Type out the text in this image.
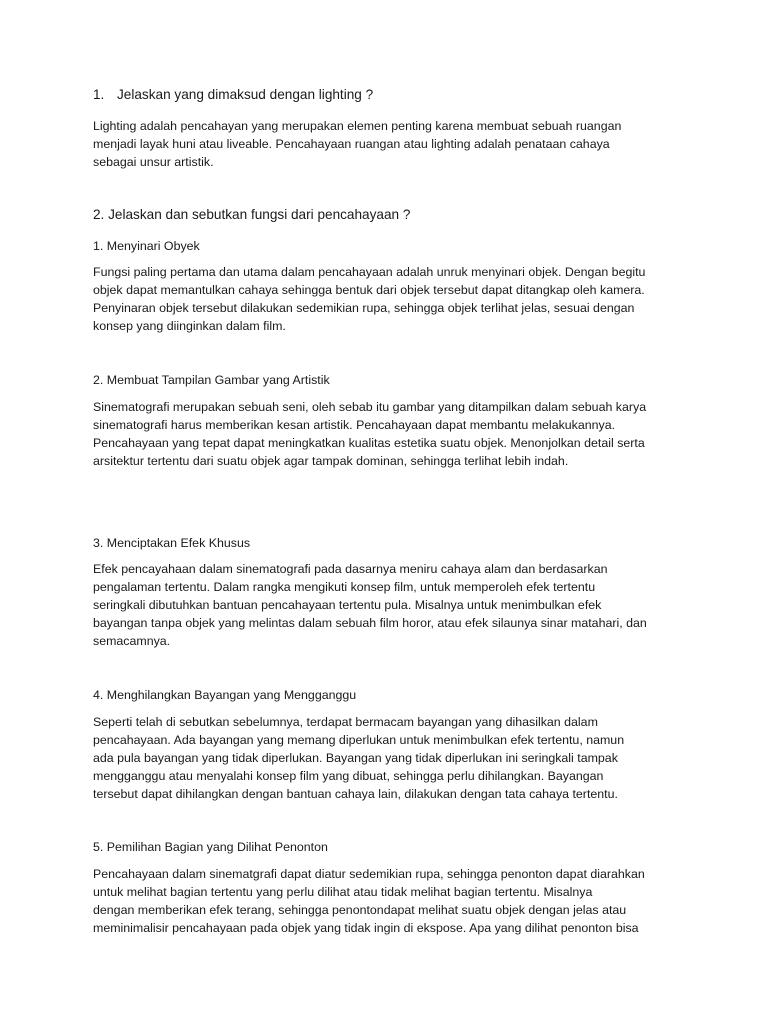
1. Jelaskan yang dimaksud dengan lighting ?

Lighting adalah pencahayan yang merupakan elemen penting karena membuat sebuah ruangan
menjadi layak huni atau liveable. Pencahayaan ruangan atau lighting adalah penataan cahaya
sebagai unsur artistik.

2. Jelaskan dan sebutkan fungsi dari pencahayaan ?

1. Menyinari Obyek

Fungsi paling pertama dan utama dalam pencahayaan adalah unruk menyinari objek. Dengan begitu
objek dapat memantulkan cahaya sehingga bentuk dari objek tersebut dapat ditangkap oleh kamera.
Penyinaran objek tersebut dilakukan sedemikian rupa, sehingga objek terlihat jelas, sesuai dengan
konsep yang diinginkan dalam film.

2. Membuat Tampilan Gambar yang Artistik

Sinematografi merupakan sebuah seni, oleh sebab itu gambar yang ditampilkan dalam sebuah karya
sinematografi harus memberikan kesan artistik. Pencahayaan dapat membantu melakukannya.
Pencahayaan yang tepat dapat meningkatkan kualitas estetika suatu objek. Menonjolkan detail serta
arsitektur tertentu dari suatu objek agar tampak dominan, sehingga terlihat lebih indah.

3. Menciptakan Efek Khusus

Efek pencayahaan dalam sinematografi pada dasarnya meniru cahaya alam dan berdasarkan
pengalaman tertentu. Dalam rangka mengikuti konsep film, untuk memperoleh efek tertentu
seringkali dibutuhkan bantuan pencahayaan tertentu pula. Misalnya untuk menimbulkan efek
bayangan tanpa objek yang melintas dalam sebuah film horor, atau efek silaunya sinar matahari, dan
semacamnya.

4. Menghilangkan Bayangan yang Mengganggu

Seperti telah di sebutkan sebelumnya, terdapat bermacam bayangan yang dihasilkan dalam
pencahayaan. Ada bayangan yang memang diperlukan untuk menimbulkan efek tertentu, namun
ada pula bayangan yang tidak diperlukan. Bayangan yang tidak diperlukan ini seringkali tampak
mengganggu atau menyalahi konsep film yang dibuat, sehingga perlu dihilangkan. Bayangan
tersebut dapat dihilangkan dengan bantuan cahaya lain, dilakukan dengan tata cahaya tertentu.

5. Pemilihan Bagian yang Dilihat Penonton

Pencahayaan dalam sinematgrafi dapat diatur sedemikian rupa, sehingga penonton dapat diarahkan
untuk melihat bagian tertentu yang perlu dilihat atau tidak melihat bagian tertentu. Misalnya
dengan memberikan efek terang, sehingga penontondapat melihat suatu objek dengan jelas atau
meminimalisir pencahayaan pada objek yang tidak ingin di ekspose. Apa yang dilihat penonton bisa
